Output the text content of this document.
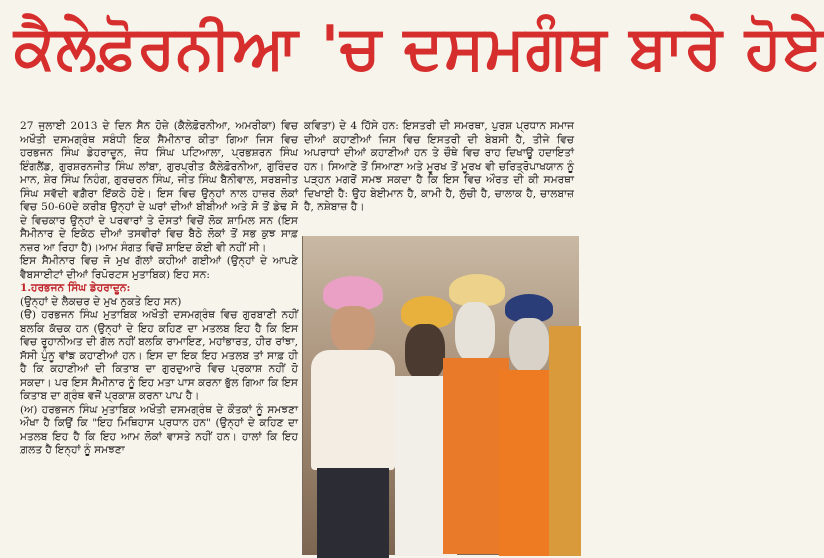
ਕੈਲੇਫ਼ੋਰਨੀਆ 'ਚ ਦਸਮਗੰਥ ਬਾਰੇ ਹੋਏ

27 ਜੁਲਾਈ 2013 ਦੇ ਦਿਨ ਸੈਨ ਹੋਜ਼ੇ (ਕੈਲੇਫ਼ੋਰਨੀਆ, ਅਮਰੀਕਾ) ਵਿਚ ਅਖੌਤੀ ਦਸਮਗ੍ਰੰਥ ਸਬੰਧੀ ਇਕ ਸੈਮੀਨਾਰ ਕੀਤਾ ਗਿਆ ਜਿਸ ਵਿਚ ਹਰਭਜਨ ਸਿੰਘ ਡੇਹਰਾਦੂਨ, ਜੋਧ ਸਿੰਘ ਪਟਿਆਲਾ, ਪ੍ਰਭਸ਼ਰਨ ਸਿੰਘ ਇੰਗਲੈਂਡ, ਗੁਰਸ਼ਰਨਜੀਤ ਸਿੰਘ ਲਾਂਬਾ, ਗੁਰਪ੍ਰੀਤ ਕੈਲੇਫ਼ੋਰਨੀਆ, ਗੁਰਿੰਦਰ ਮਾਨ, ਸ਼ੇਰ ਸਿੰਘ ਨਿਹੰਗ, ਗੁਰਚਰਨ ਸਿੰਘ, ਜੀਤ ਸਿੰਘ ਬੈਨੀਵਾਲ, ਸਰਬਜੀਤ ਸਿੰਘ ਸਵੱਦੀ ਵਗ਼ੈਰਾ ਇੱਕਠੇ ਹੋਏ। ਇਸ ਵਿਚ ਉਨ੍ਹਾਂ ਨਾਲ ਹਾਜ਼ਰ ਲੋਕਾਂ ਵਿਚ 50-60ਦੇ ਕਰੀਬ ਉਨ੍ਹਾਂ ਦੇ ਘਰਾਂ ਦੀਆਂ ਬੀਬੀਆਂ ਅਤੇ ਸੋ ਤੋਂ ਡੇਢ ਸੋ ਦੇ ਵਿਚਕਾਰ ਉਨ੍ਹਾਂ ਦੇ ਪਰਵਾਰਾਂ ਤੇ ਦੋਸਤਾਂ ਵਿਚੋਂ ਲੋਕ ਸ਼ਾਮਿਲ ਸਨ (ਇਸ ਸੈਮੀਨਾਰ ਦੇ ਇਕੱਠ ਦੀਆਂ ਤਸਵੀਰਾਂ ਵਿਚ ਬੈਠੇ ਲੋਕਾਂ ਤੋਂ ਸਭ ਕੁਝ ਸਾਫ਼ ਨਜ਼ਰ ਆ ਰਿਹਾ ਹੈ)।ਆਮ ਸੰਗਤ ਵਿਚੋਂ ਸ਼ਾਇਦ ਕੋਈ ਵੀ ਨਹੀਂ ਸੀ।

ਇਸ ਸੈਮੀਨਾਰ ਵਿਚ ਜੋ ਮੁਖ ਗੱਲਾਂ ਕਹੀਆਂ ਗਈਆਂ (ਉਨ੍ਹਾਂ ਦੇ ਆਪਣੇ ਵੈਬਸਾਈਟਾਂ ਦੀਆਂ ਰਿਪੋਰਟਸ ਮੁਤਾਬਿਕ) ਇਹ ਸਨ:

1.ਹਰਭਜਨ ਸਿੰਘ ਡੇਹਰਾਦੂਨ:

(ਉਨ੍ਹਾਂ ਦੇ ਲੈਕਚਰ ਦੇ ਮੁਖ ਨੁਕਤੇ ਇਹ ਸਨ)

(ੳ) ਹਰਭਜਨ ਸਿੰਘ ਮੁਤਾਬਿਕ ਅਖੌਤੀ ਦਸਮਗ੍ਰੰਥ ਵਿਚ ਗੁਰਬਾਣੀ ਨਹੀਂ ਬਲਕਿ ਕੱਚਕ ਹਨ (ਉਨ੍ਹਾਂ ਦੇ ਇਹ ਕਹਿਣ ਦਾ ਮਤਲਬ ਇਹ ਹੈ ਕਿ ਇਸ ਵਿਚ ਰੂਹਾਨੀਅਤ ਦੀ ਗੱਲ ਨਹੀਂ ਬਲਕਿ ਰਾਮਾਇਣ, ਮਹਾਂਭਾਰਤ, ਹੀਰ ਰਾਂਝਾ, ਸੱਸੀ ਪੁੰਨੂ ਵਾਂਙ ਕਹਾਣੀਆਂ ਹਨ। ਇਸ ਦਾ ਇਕ ਇਹ ਮਤਲਬ ਤਾਂ ਸਾਫ਼ ਹੀ ਹੈ ਕਿ ਕਹਾਣੀਆਂ ਦੀ ਕਿਤਾਬ ਦਾ ਗੁਰਦੁਆਰੇ ਵਿਚ ਪ੍ਰਕਾਸ਼ ਨਹੀਂ ਹੋ ਸਕਦਾ। ਪਰ ਇਸ ਸੈਮੀਨਾਰ ਨੂੰ ਇਹ ਮਤਾ ਪਾਸ ਕਰਨਾ ਭੁੱਲ ਗਿਆ ਕਿ ਇਸ ਕਿਤਾਬ ਦਾ ਗ੍ਰੰਥ ਵਜੋਂ ਪ੍ਰਕਾਸ਼ ਕਰਨਾ ਪਾਪ ਹੈ।

(ਅ) ਹਰਭਜਨ ਸਿੰਘ ਮੁਤਾਬਿਕ ਅਖੌਤੀ ਦਸਮਗ੍ਰੰਥ ਦੇ ਕੌਤਕਾਂ ਨੂੰ ਸਮਝਣਾ ਔਖਾ ਹੈ ਕਿਉਂ ਕਿ "ਇਹ ਮਿਥਿਹਾਸ ਪ੍ਰਧਾਨ ਹਨ" (ਉਨ੍ਹਾਂ ਦੇ ਕਹਿਣ ਦਾ ਮਤਲਬ ਇਹ ਹੈ ਕਿ ਇਹ ਆਮ ਲੋਕਾਂ ਵਾਸਤੇ ਨਹੀਂ ਹਨ। ਹਾਲਾਂ ਕਿ ਇਹ ਗ਼ਲਤ ਹੈ ਇਨ੍ਹਾਂ ਨੂੰ ਸਮਝਣਾ

ਕਵਿਤਾ) ਦੇ 4 ਹਿੱਸੇ ਹਨ: ਇਸਤਰੀ ਦੀ ਸਮਰਥਾ, ਪੁਰਸ਼ ਪ੍ਰਧਾਨ ਸਮਾਜ ਦੀਆਂ ਕਹਾਣੀਆਂ ਜਿਸ ਵਿਚ ਇਸਤਰੀ ਦੀ ਬੇਬਸੀ ਹੈ, ਤੀਜੇ ਵਿਚ ਅਪਰਾਧਾਂ ਦੀਆਂ ਕਹਾਣੀਆਂ ਹਨ ਤੇ ਚੌਥੇ ਵਿਚ ਰਾਹ ਦਿਖਾਊ ਹਦਾਇਤਾਂ ਹਨ। ਸਿਆਣੇ ਤੋਂ ਸਿਆਣਾ ਅਤੇ ਮੂਰਖ ਤੋਂ ਮੂਰਖ ਵੀ ਚਰਿਤ੍ਰੋਪਾਖਯਾਨ ਨੂੰ ਪੜ੍ਹਨ ਮਗਰੋਂ ਸਮਝ ਸਕਦਾ ਹੈ ਕਿ ਇਸ ਵਿਚ ਔਰਤ ਦੀ ਕੀ ਸਮਰਥਾ ਦਿਖਾਈ ਹੈ: ਉਹ ਬੇਈਮਾਨ ਹੈ, ਕਾਮੀ ਹੈ, ਲੁੱਚੀ ਹੈ, ਚਾਲਾਕ ਹੈ, ਚਾਲਬਾਜ਼ ਹੈ, ਨਸ਼ੇਬਾਜ਼ ਹੈ।
